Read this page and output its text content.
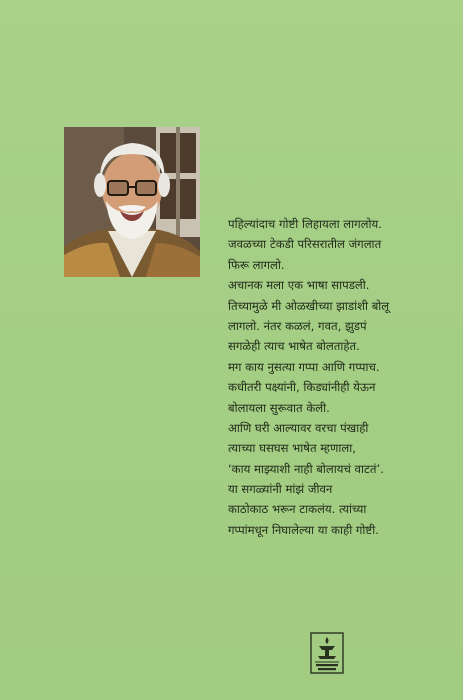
पहिल्यांदाच गोष्टी लिहायला लागलोय.
जवळच्या टेकडी परिसरातील जंगलात
फिरू लागलो.
अचानक मला एक भाषा सापडली.
तिच्यामुळे मी ओळखीच्या झाडांशी बोलू
लागलो. नंतर कळलं, गवत, झुडपं
सगळेही त्याच भाषेत बोलताहेत.
मग काय नुसत्या गप्पा आणि गप्पाच.
कधीतरी पक्ष्यांनी, किड्यांनीही येऊन
बोलायला सुरूवात केली.
आणि घरी आल्यावर वरचा पंखाही
त्याच्या घसघस भाषेत म्हणाला,
‘काय माझ्याशी नाही बोलायचं वाटतं’.
या सगळ्यांनी मांझं जीवन
काठोकाठ भरून टाकलंय. त्यांच्या
गप्पांमधून निघालेल्या या काही गोष्टी.
